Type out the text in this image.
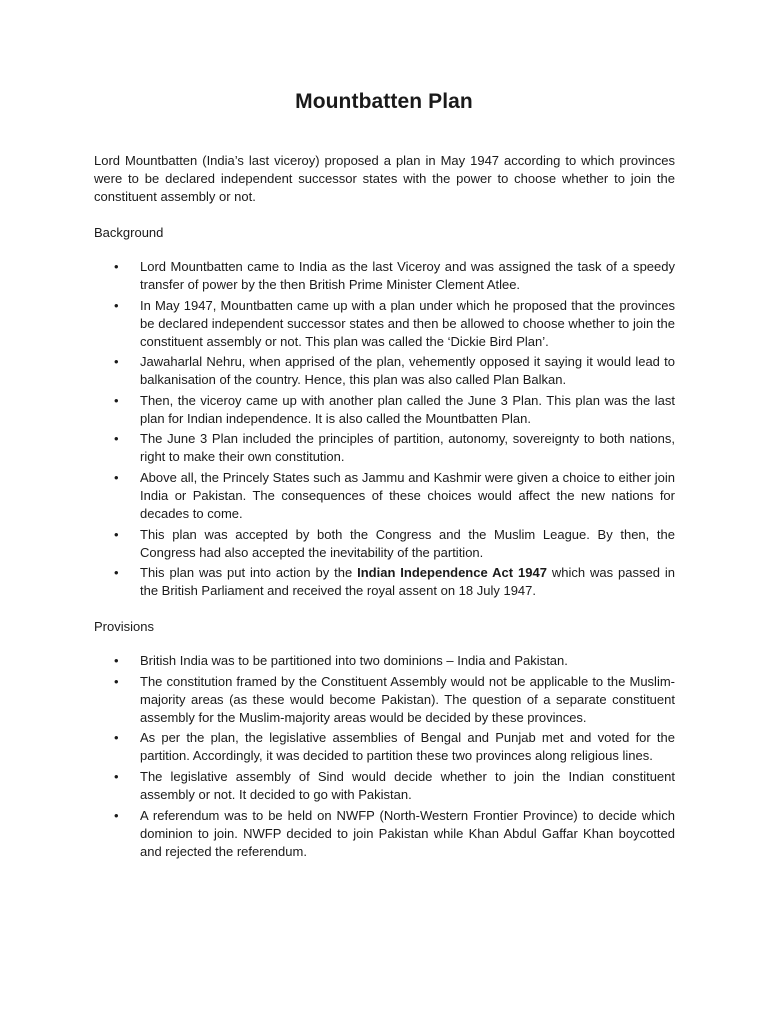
Mountbatten Plan

Lord Mountbatten (India’s last viceroy) proposed a plan in May 1947 according to which provinces were to be declared independent successor states with the power to choose whether to join the constituent assembly or not.

Background

• Lord Mountbatten came to India as the last Viceroy and was assigned the task of a speedy transfer of power by the then British Prime Minister Clement Atlee.
• In May 1947, Mountbatten came up with a plan under which he proposed that the provinces be declared independent successor states and then be allowed to choose whether to join the constituent assembly or not. This plan was called the ‘Dickie Bird Plan’.
• Jawaharlal Nehru, when apprised of the plan, vehemently opposed it saying it would lead to balkanisation of the country. Hence, this plan was also called Plan Balkan.
• Then, the viceroy came up with another plan called the June 3 Plan. This plan was the last plan for Indian independence. It is also called the Mountbatten Plan.
• The June 3 Plan included the principles of partition, autonomy, sovereignty to both nations, right to make their own constitution.
• Above all, the Princely States such as Jammu and Kashmir were given a choice to either join India or Pakistan. The consequences of these choices would affect the new nations for decades to come.
• This plan was accepted by both the Congress and the Muslim League. By then, the Congress had also accepted the inevitability of the partition.
• This plan was put into action by the Indian Independence Act 1947 which was passed in the British Parliament and received the royal assent on 18 July 1947.

Provisions

• British India was to be partitioned into two dominions – India and Pakistan.
• The constitution framed by the Constituent Assembly would not be applicable to the Muslim-majority areas (as these would become Pakistan). The question of a separate constituent assembly for the Muslim-majority areas would be decided by these provinces.
• As per the plan, the legislative assemblies of Bengal and Punjab met and voted for the partition. Accordingly, it was decided to partition these two provinces along religious lines.
• The legislative assembly of Sind would decide whether to join the Indian constituent assembly or not. It decided to go with Pakistan.
• A referendum was to be held on NWFP (North-Western Frontier Province) to decide which dominion to join. NWFP decided to join Pakistan while Khan Abdul Gaffar Khan boycotted and rejected the referendum.
